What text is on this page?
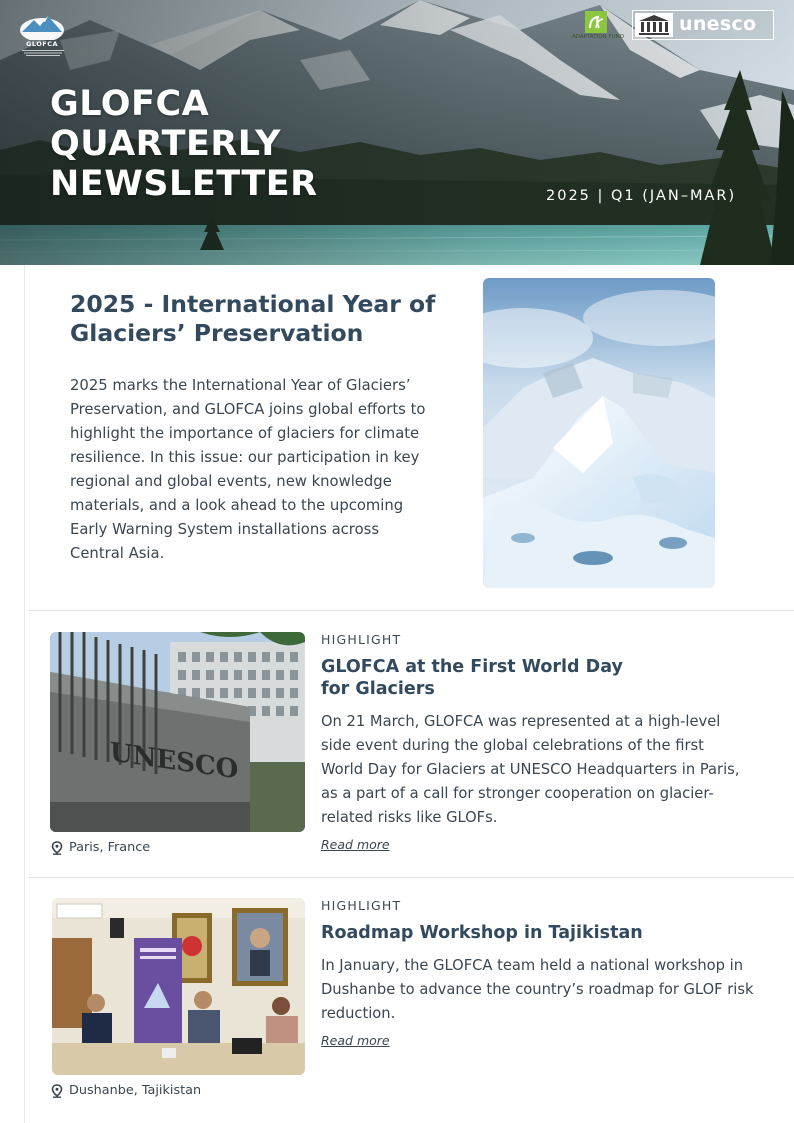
GLOFCA
ADAPTATION FUND
unesco
GLOFCA
QUARTERLY
NEWSLETTER	2025 | Q1 (JAN–MAR)
2025 - International Year of Glaciers’ Preservation
2025 marks the International Year of Glaciers’ Preservation, and GLOFCA joins global efforts to highlight the importance of glaciers for climate resilience. In this issue: our participation in key regional and global events, new knowledge materials, and a look ahead to the upcoming Early Warning System installations across Central Asia.
UNESCO
HIGHLIGHT
GLOFCA at the First World Day for Glaciers
On 21 March, GLOFCA was represented at a high-level side event during the global celebrations of the first World Day for Glaciers at UNESCO Headquarters in Paris, as a part of a call for stronger cooperation on glacier-related risks like GLOFs.
Read more
Paris, France
HIGHLIGHT
Roadmap Workshop in Tajikistan
In January, the GLOFCA team held a national workshop in Dushanbe to advance the country’s roadmap for GLOF risk reduction.
Read more
Dushanbe, Tajikistan
